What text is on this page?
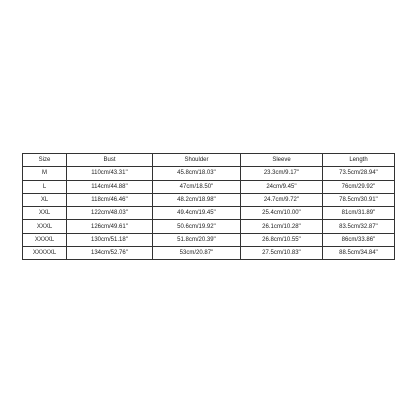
Size	Bust	Shoulder	Sleeve	Length
M	110cm/43.31''	45.8cm/18.03''	23.3cm/9.17''	73.5cm/28.94''
L	114cm/44.88''	47cm/18.50''	24cm/9.45''	76cm/29.92''
XL	118cm/46.46''	48.2cm/18.98''	24.7cm/9.72''	78.5cm/30.91''
XXL	122cm/48.03''	49.4cm/19.45''	25.4cm/10.00''	81cm/31.89''
XXXL	126cm/49.61''	50.6cm/19.92''	26.1cm/10.28''	83.5cm/32.87''
XXXXL	130cm/51.18''	51.8cm/20.39''	26.8cm/10.55''	86cm/33.86''
XXXXXL	134cm/52.76''	53cm/20.87''	27.5cm/10.83''	88.5cm/34.84''
